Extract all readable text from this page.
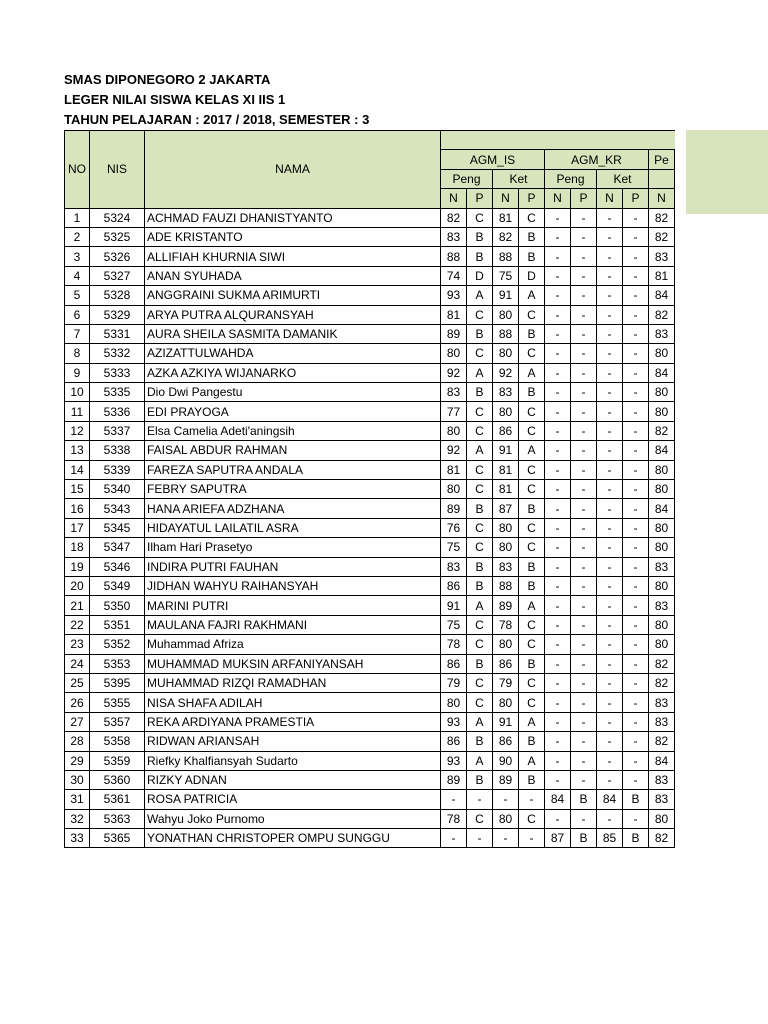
SMAS DIPONEGORO 2 JAKARTA
LEGER NILAI SISWA KELAS XI IIS 1
TAHUN PELAJARAN : 2017 / 2018, SEMESTER : 3
NO	NIS	NAMA									
			AGM_IS				AGM_KR				Pe
			Peng		Ket		Peng		Ket		
			N	P	N	P	N	P	N	P	N
1	5324	ACHMAD FAUZI DHANISTYANTO	82	C	81	C	-	-	-	-	82
2	5325	ADE KRISTANTO	83	B	82	B	-	-	-	-	82
3	5326	ALLIFIAH KHURNIA SIWI	88	B	88	B	-	-	-	-	83
4	5327	ANAN SYUHADA	74	D	75	D	-	-	-	-	81
5	5328	ANGGRAINI SUKMA ARIMURTI	93	A	91	A	-	-	-	-	84
6	5329	ARYA PUTRA ALQURANSYAH	81	C	80	C	-	-	-	-	82
7	5331	AURA SHEILA SASMITA DAMANIK	89	B	88	B	-	-	-	-	83
8	5332	AZIZATTULWAHDA	80	C	80	C	-	-	-	-	80
9	5333	AZKA AZKIYA WIJANARKO	92	A	92	A	-	-	-	-	84
10	5335	Dio Dwi Pangestu	83	B	83	B	-	-	-	-	80
11	5336	EDI PRAYOGA	77	C	80	C	-	-	-	-	80
12	5337	Elsa Camelia Adeti'aningsih	80	C	86	C	-	-	-	-	82
13	5338	FAISAL ABDUR RAHMAN	92	A	91	A	-	-	-	-	84
14	5339	FAREZA SAPUTRA ANDALA	81	C	81	C	-	-	-	-	80
15	5340	FEBRY SAPUTRA	80	C	81	C	-	-	-	-	80
16	5343	HANA ARIEFA ADZHANA	89	B	87	B	-	-	-	-	84
17	5345	HIDAYATUL LAILATIL ASRA	76	C	80	C	-	-	-	-	80
18	5347	Ilham Hari Prasetyo	75	C	80	C	-	-	-	-	80
19	5346	INDIRA PUTRI FAUHAN	83	B	83	B	-	-	-	-	83
20	5349	JIDHAN WAHYU RAIHANSYAH	86	B	88	B	-	-	-	-	80
21	5350	MARINI PUTRI	91	A	89	A	-	-	-	-	83
22	5351	MAULANA FAJRI RAKHMANI	75	C	78	C	-	-	-	-	80
23	5352	Muhammad Afriza	78	C	80	C	-	-	-	-	80
24	5353	MUHAMMAD MUKSIN ARFANIYANSAH	86	B	86	B	-	-	-	-	82
25	5395	MUHAMMAD RIZQI RAMADHAN	79	C	79	C	-	-	-	-	82
26	5355	NISA SHAFA ADILAH	80	C	80	C	-	-	-	-	83
27	5357	REKA ARDIYANA PRAMESTIA	93	A	91	A	-	-	-	-	83
28	5358	RIDWAN ARIANSAH	86	B	86	B	-	-	-	-	82
29	5359	Riefky Khalfiansyah Sudarto	93	A	90	A	-	-	-	-	84
30	5360	RIZKY ADNAN	89	B	89	B	-	-	-	-	83
31	5361	ROSA PATRICIA	-	-	-	-	84	B	84	B	83
32	5363	Wahyu Joko Purnomo	78	C	80	C	-	-	-	-	80
33	5365	YONATHAN CHRISTOPER OMPU SUNGGU	-	-	-	-	87	B	85	B	82
